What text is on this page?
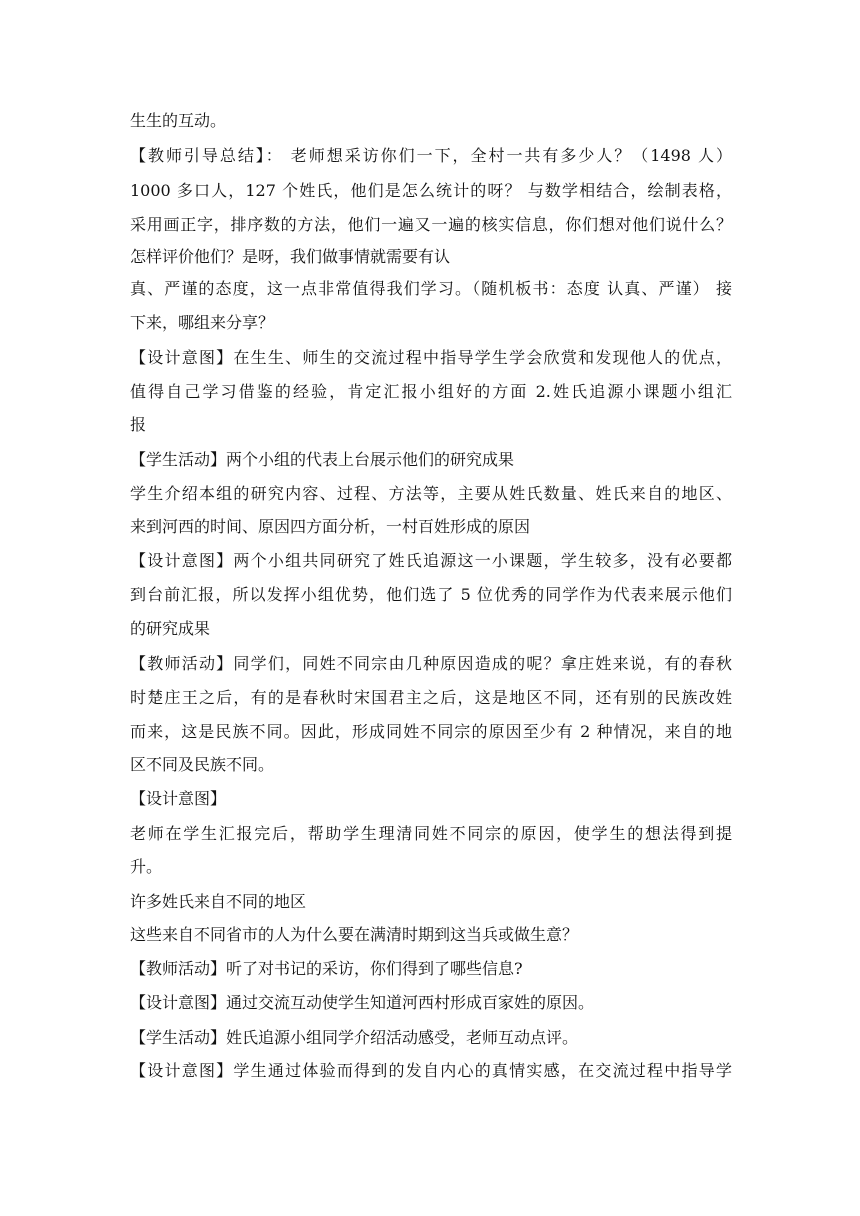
生生的互动。
【教师引导总结】： 老师想采访你们一下，全村一共有多少人？（1498 人）
1000 多口人，127 个姓氏，他们是怎么统计的呀？ 与数学相结合，绘制表格，
采用画正字，排序数的方法，他们一遍又一遍的核实信息，你们想对他们说什么？
怎样评价他们？是呀，我们做事情就需要有认
真、严谨的态度，这一点非常值得我们学习。（随机板书：态度 认真、严谨） 接
下来，哪组来分享？
【设计意图】在生生、师生的交流过程中指导学生学会欣赏和发现他人的优点，
值得自己学习借鉴的经验，肯定汇报小组好的方面 2.姓氏追源小课题小组汇
报
【学生活动】两个小组的代表上台展示他们的研究成果
学生介绍本组的研究内容、过程、方法等，主要从姓氏数量、姓氏来自的地区、
来到河西的时间、原因四方面分析，一村百姓形成的原因
【设计意图】两个小组共同研究了姓氏追源这一小课题，学生较多，没有必要都
到台前汇报，所以发挥小组优势，他们选了 5 位优秀的同学作为代表来展示他们
的研究成果
【教师活动】同学们，同姓不同宗由几种原因造成的呢？拿庄姓来说，有的春秋
时楚庄王之后，有的是春秋时宋国君主之后，这是地区不同，还有别的民族改姓
而来，这是民族不同。因此，形成同姓不同宗的原因至少有 2 种情况，来自的地
区不同及民族不同。
【设计意图】
老师在学生汇报完后，帮助学生理清同姓不同宗的原因，使学生的想法得到提
升。
许多姓氏来自不同的地区
这些来自不同省市的人为什么要在满清时期到这当兵或做生意？
【教师活动】听了对书记的采访，你们得到了哪些信息?
【设计意图】通过交流互动使学生知道河西村形成百家姓的原因。
【学生活动】姓氏追源小组同学介绍活动感受，老师互动点评。
【设计意图】学生通过体验而得到的发自内心的真情实感，在交流过程中指导学
